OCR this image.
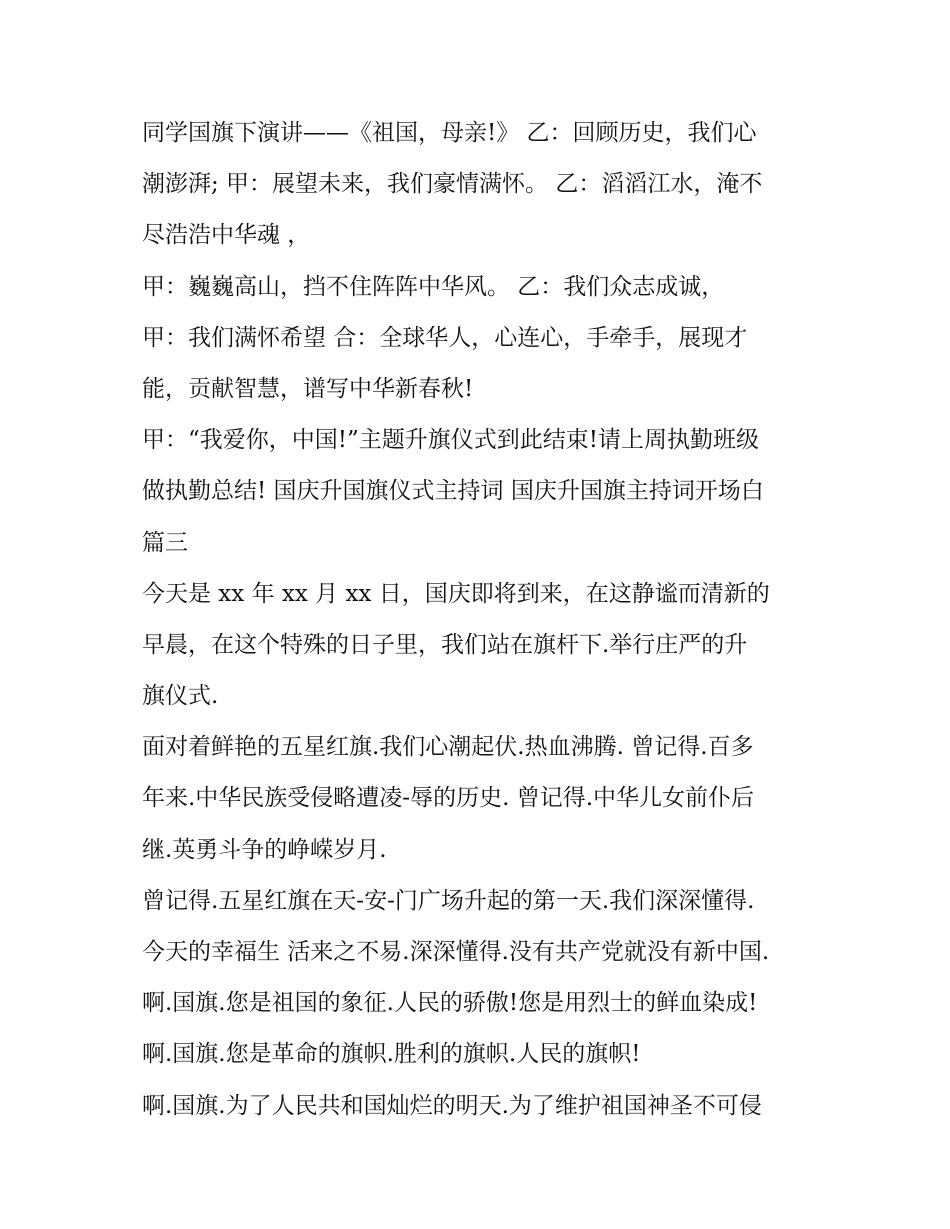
同学国旗下演讲——《祖国，母亲!》 乙：回顾历史，我们心
潮澎湃; 甲：展望未来，我们豪情满怀。 乙：滔滔江水，淹不
尽浩浩中华魂 ，
甲：巍巍高山，挡不住阵阵中华风。 乙：我们众志成诚，
甲：我们满怀希望 合：全球华人，心连心，手牵手，展现才
能，贡献智慧，谱写中华新春秋!
甲：“我爱你，中国!”主题升旗仪式到此结束!请上周执勤班级
做执勤总结! 国庆升国旗仪式主持词 国庆升国旗主持词开场白
篇三
今天是 xx 年 xx 月 xx 日，国庆即将到来，在这静谧而清新的
早晨，在这个特殊的日子里，我们站在旗杆下.举行庄严的升
旗仪式.
面对着鲜艳的五星红旗.我们心潮起伏.热血沸腾. 曾记得.百多
年来.中华民族受侵略遭凌-辱的历史. 曾记得.中华儿女前仆后
继.英勇斗争的峥嵘岁月.
曾记得.五星红旗在天-安-门广场升起的第一天.我们深深懂得.
今天的幸福生 活来之不易.深深懂得.没有共产党就没有新中国.
啊.国旗.您是祖国的象征.人民的骄傲!您是用烈士的鲜血染成!
啊.国旗.您是革命的旗帜.胜利的旗帜.人民的旗帜!
啊.国旗.为了人民共和国灿烂的明天.为了维护祖国神圣不可侵
